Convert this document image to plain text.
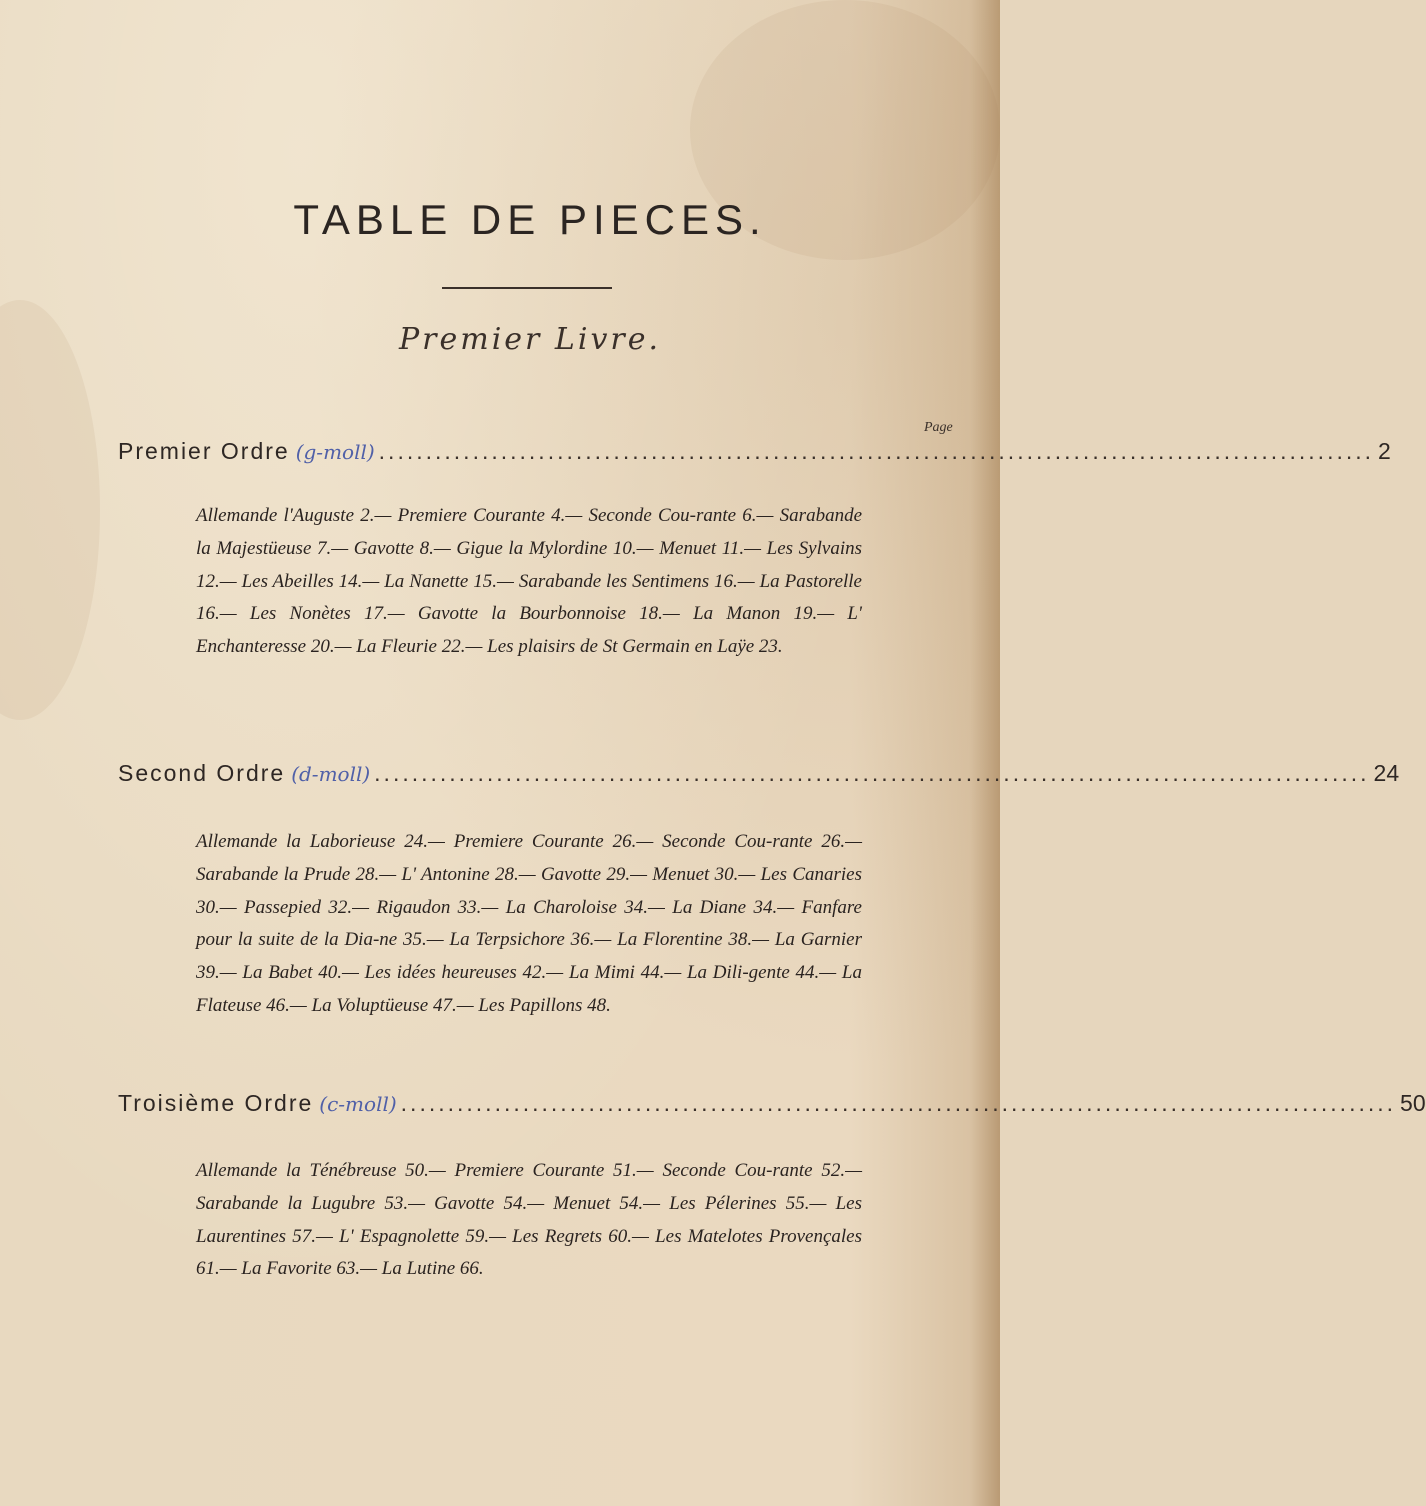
TABLE DE PIECES.
Premier Livre.
Page
Premier Ordre (g-moll) .......................................................................................................... 2
Allemande l'Auguste 2.— Premiere Courante 4.— Seconde Cou-rante 6.— Sarabande la Majestüeuse 7.— Gavotte 8.— Gigue la Mylordine 10.— Menuet 11.— Les Sylvains 12.— Les Abeilles 14.— La Nanette 15.— Sarabande les Sentimens 16.— La Pastorelle 16.— Les Nonètes 17.— Gavotte la Bourbonnoise 18.— La Manon 19.— L' Enchanteresse 20.— La Fleurie 22.— Les plaisirs de St Germain en Laÿe 23.
Second Ordre (d-moll) .......................................................................................................... 24
Allemande la Laborieuse 24.— Premiere Courante 26.— Seconde Cou-rante 26.— Sarabande la Prude 28.— L' Antonine 28.— Gavotte 29.— Menuet 30.— Les Canaries 30.— Passepied 32.— Rigaudon 33.— La Charoloise 34.— La Diane 34.— Fanfare pour la suite de la Dia-ne 35.— La Terpsichore 36.— La Florentine 38.— La Garnier 39.— La Babet 40.— Les idées heureuses 42.— La Mimi 44.— La Dili-gente 44.— La Flateuse 46.— La Voluptüeuse 47.— Les Papillons 48.
Troisième Ordre (c-moll) .......................................................................................................... 50
Allemande la Ténébreuse 50.— Premiere Courante 51.— Seconde Cou-rante 52.— Sarabande la Lugubre 53.— Gavotte 54.— Menuet 54.— Les Pélerines 55.— Les Laurentines 57.— L' Espagnolette 59.— Les Regrets 60.— Les Matelotes Provençales 61.— La Favorite 63.— La Lutine 66.
